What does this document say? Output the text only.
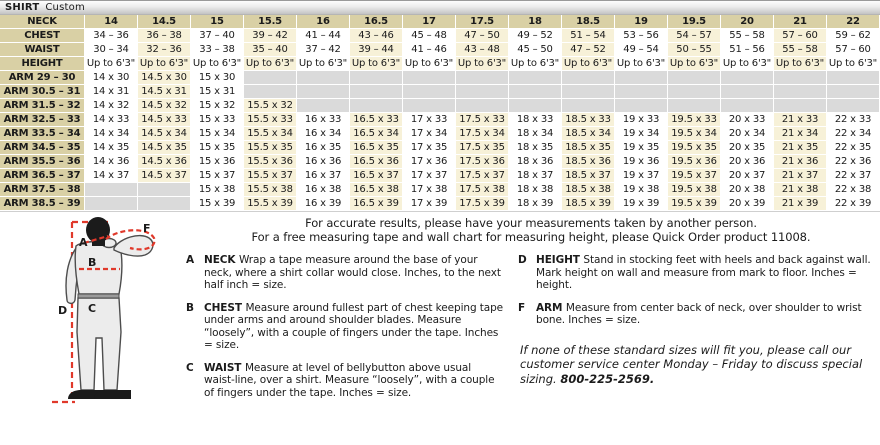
SHIRT Custom
NECK	14	14.5	15	15.5	16	16.5	17	17.5	18	18.5	19	19.5	20	21	22
CHEST	34 – 36	36 – 38	37 – 40	39 – 42	41 – 44	43 – 46	45 – 48	47 – 50	49 – 52	51 – 54	53 – 56	54 – 57	55 – 58	57 – 60	59 – 62
WAIST	30 – 34	32 – 36	33 – 38	35 – 40	37 – 42	39 – 44	41 – 46	43 – 48	45 – 50	47 – 52	49 – 54	50 – 55	51 – 56	55 – 58	57 – 60
HEIGHT	Up to 6'3"	Up to 6'3"	Up to 6'3"	Up to 6'3"	Up to 6'3"	Up to 6'3"	Up to 6'3"	Up to 6'3"	Up to 6'3"	Up to 6'3"	Up to 6'3"	Up to 6'3"	Up to 6'3"	Up to 6'3"	Up to 6'3"
ARM 29 – 30	14 x 30	14.5 x 30	15 x 30												
ARM 30.5 – 31	14 x 31	14.5 x 31	15 x 31												
ARM 31.5 – 32	14 x 32	14.5 x 32	15 x 32	15.5 x 32											
ARM 32.5 – 33	14 x 33	14.5 x 33	15 x 33	15.5 x 33	16 x 33	16.5 x 33	17 x 33	17.5 x 33	18 x 33	18.5 x 33	19 x 33	19.5 x 33	20 x 33	21 x 33	22 x 33
ARM 33.5 – 34	14 x 34	14.5 x 34	15 x 34	15.5 x 34	16 x 34	16.5 x 34	17 x 34	17.5 x 34	18 x 34	18.5 x 34	19 x 34	19.5 x 34	20 x 34	21 x 34	22 x 34
ARM 34.5 – 35	14 x 35	14.5 x 35	15 x 35	15.5 x 35	16 x 35	16.5 x 35	17 x 35	17.5 x 35	18 x 35	18.5 x 35	19 x 35	19.5 x 35	20 x 35	21 x 35	22 x 35
ARM 35.5 – 36	14 x 36	14.5 x 36	15 x 36	15.5 x 36	16 x 36	16.5 x 36	17 x 36	17.5 x 36	18 x 36	18.5 x 36	19 x 36	19.5 x 36	20 x 36	21 x 36	22 x 36
ARM 36.5 – 37	14 x 37	14.5 x 37	15 x 37	15.5 x 37	16 x 37	16.5 x 37	17 x 37	17.5 x 37	18 x 37	18.5 x 37	19 x 37	19.5 x 37	20 x 37	21 x 37	22 x 37
ARM 37.5 – 38			15 x 38	15.5 x 38	16 x 38	16.5 x 38	17 x 38	17.5 x 38	18 x 38	18.5 x 38	19 x 38	19.5 x 38	20 x 38	21 x 38	22 x 38
ARM 38.5 – 39			15 x 39	15.5 x 39	16 x 39	16.5 x 39	17 x 39	17.5 x 39	18 x 39	18.5 x 39	19 x 39	19.5 x 39	20 x 39	21 x 39	22 x 39
A
B
C
D
F	For accurate results, please have your measurements taken by another person.
For a free measuring tape and wall chart for measuring height, please Quick Order product 11008.
A NECK Wrap a tape measure around the base of your neck, where a shirt collar would close. Inches, to the next half inch = size.
B CHEST Measure around fullest part of chest keeping tape under arms and around shoulder blades. Measure “loosely”, with a couple of fingers under the tape. Inches = size.
C WAIST Measure at level of bellybutton above usual waist-line, over a shirt. Measure “loosely”, with a couple of fingers under the tape. Inches = size.
D HEIGHT Stand in stocking feet with heels and back against wall. Mark height on wall and measure from mark to floor. Inches = height.
F	ARM Measure from center back of neck, over shoulder to wrist bone. Inches = size.
If none of these standard sizes will fit you, please call our customer service center Monday – Friday to discuss special sizing. 800-225-2569.
